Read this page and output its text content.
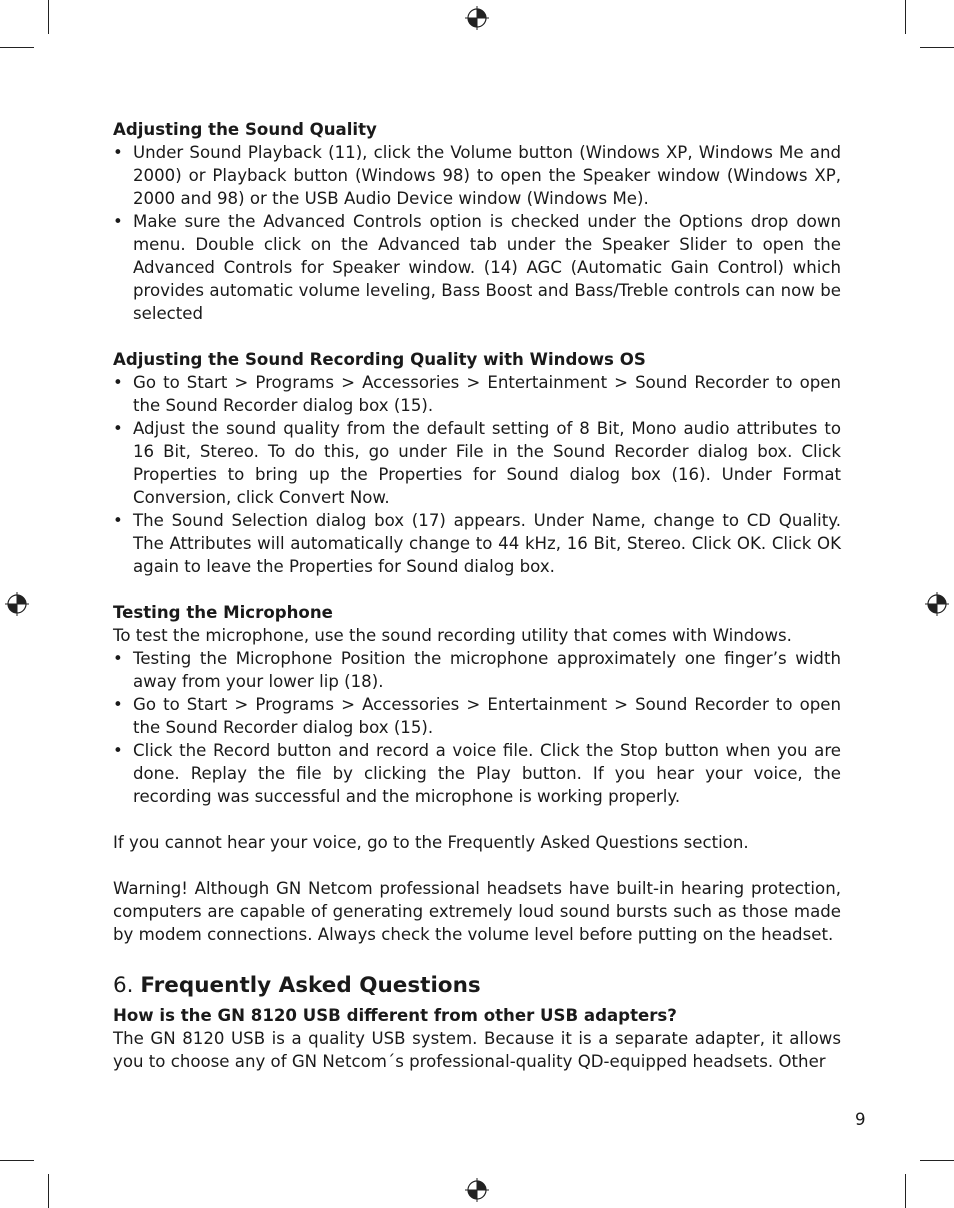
Adjusting the Sound Quality

• Under Sound Playback (11), click the Volume button (Windows XP, Windows Me and 2000) or Playback button (Windows 98) to open the Speaker window (Windows XP, 2000 and 98) or the USB Audio Device window (Windows Me).
• Make sure the Advanced Controls option is checked under the Options drop down menu. Double click on the Advanced tab under the Speaker Slider to open the Advanced Controls for Speaker window. (14) AGC (Automatic Gain Control) which provides automatic volume leveling, Bass Boost and Bass/Treble controls can now be selected

Adjusting the Sound Recording Quality with Windows OS

• Go to Start > Programs > Accessories > Entertainment > Sound Recorder to open the Sound Recorder dialog box (15).
• Adjust the sound quality from the default setting of 8 Bit, Mono audio attributes to 16 Bit, Stereo. To do this, go under File in the Sound Recorder dialog box. Click Properties to bring up the Properties for Sound dialog box (16). Under Format Conversion, click Convert Now.
• The Sound Selection dialog box (17) appears. Under Name, change to CD Quality. The Attributes will automatically change to 44 kHz, 16 Bit, Stereo. Click OK. Click OK again to leave the Properties for Sound dialog box.

Testing the Microphone

To test the microphone, use the sound recording utility that comes with Windows.

• Testing the Microphone Position the microphone approximately one finger’s width away from your lower lip (18).
• Go to Start > Programs > Accessories > Entertainment > Sound Recorder to open the Sound Recorder dialog box (15).
• Click the Record button and record a voice file. Click the Stop button when you are done. Replay the file by clicking the Play button. If you hear your voice, the recording was successful and the microphone is working properly.

If you cannot hear your voice, go to the Frequently Asked Questions section.

Warning! Although GN Netcom professional headsets have built-in hearing protection, computers are capable of generating extremely loud sound bursts such as those made by modem connections. Always check the volume level before putting on the headset.

6. Frequently Asked Questions

How is the GN 8120 USB different from other USB adapters?

The GN 8120 USB is a quality USB system. Because it is a separate adapter, it allows you to choose any of GN Netcom´s professional-quality QD-equipped headsets. Other

9
